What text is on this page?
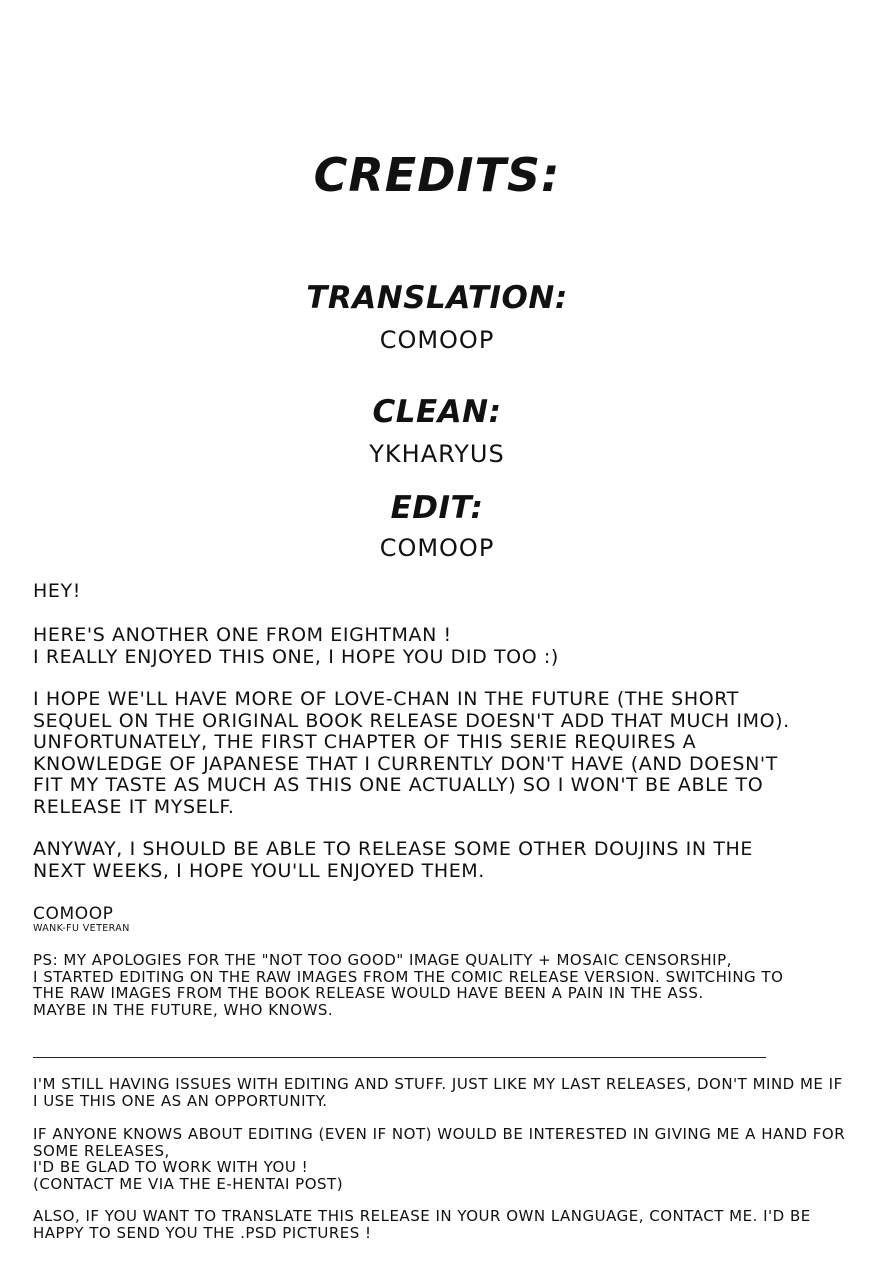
CREDITS:
TRANSLATION:
COMOOP
CLEAN:
YKHARYUS
EDIT:
COMOOP
HEY!
HERE'S ANOTHER ONE FROM EIGHTMAN !
I REALLY ENJOYED THIS ONE, I HOPE YOU DID TOO :)
I HOPE WE'LL HAVE MORE OF LOVE-CHAN IN THE FUTURE (THE SHORT
SEQUEL ON THE ORIGINAL BOOK RELEASE DOESN'T ADD THAT MUCH IMO).
UNFORTUNATELY, THE FIRST CHAPTER OF THIS SERIE REQUIRES A
KNOWLEDGE OF JAPANESE THAT I CURRENTLY DON'T HAVE (AND DOESN'T
FIT MY TASTE AS MUCH AS THIS ONE ACTUALLY) SO I WON'T BE ABLE TO
RELEASE IT MYSELF.
ANYWAY, I SHOULD BE ABLE TO RELEASE SOME OTHER DOUJINS IN THE
NEXT WEEKS, I HOPE YOU'LL ENJOYED THEM.
COMOOP
WANK-FU VETERAN
PS: MY APOLOGIES FOR THE "NOT TOO GOOD" IMAGE QUALITY + MOSAIC CENSORSHIP,
I STARTED EDITING ON THE RAW IMAGES FROM THE COMIC RELEASE VERSION. SWITCHING TO
THE RAW IMAGES FROM THE BOOK RELEASE WOULD HAVE BEEN A PAIN IN THE ASS.
MAYBE IN THE FUTURE, WHO KNOWS.
I'M STILL HAVING ISSUES WITH EDITING AND STUFF. JUST LIKE MY LAST RELEASES, DON'T MIND ME IF
I USE THIS ONE AS AN OPPORTUNITY.
IF ANYONE KNOWS ABOUT EDITING (EVEN IF NOT) WOULD BE INTERESTED IN GIVING ME A HAND FOR
SOME RELEASES,
I'D BE GLAD TO WORK WITH YOU !
(CONTACT ME VIA THE E-HENTAI POST)
ALSO, IF YOU WANT TO TRANSLATE THIS RELEASE IN YOUR OWN LANGUAGE, CONTACT ME. I'D BE
HAPPY TO SEND YOU THE .PSD PICTURES !
